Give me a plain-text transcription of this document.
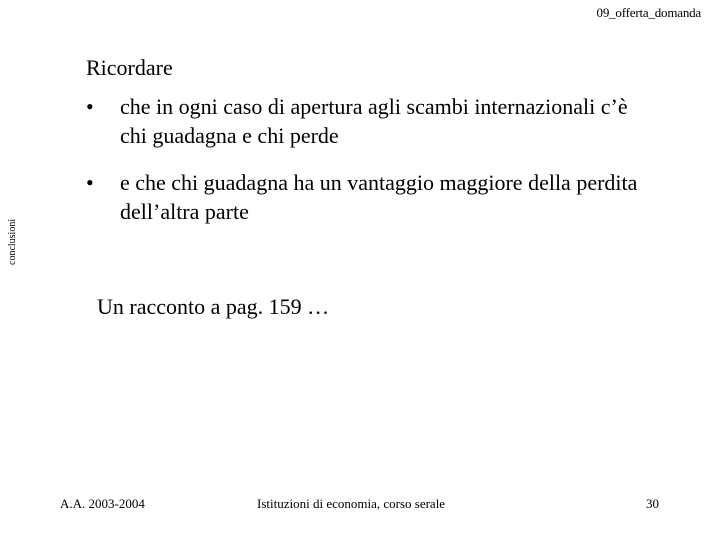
09_offerta_domanda
conclusioni
Ricordare
•	che in ogni caso di apertura agli scambi internazionali c’è chi guadagna e chi perde
•	e che chi guadagna ha un vantaggio maggiore della perdita dell’altra parte
Un racconto a pag. 159 …
A.A. 2003-2004	Istituzioni di economia, corso serale	30
